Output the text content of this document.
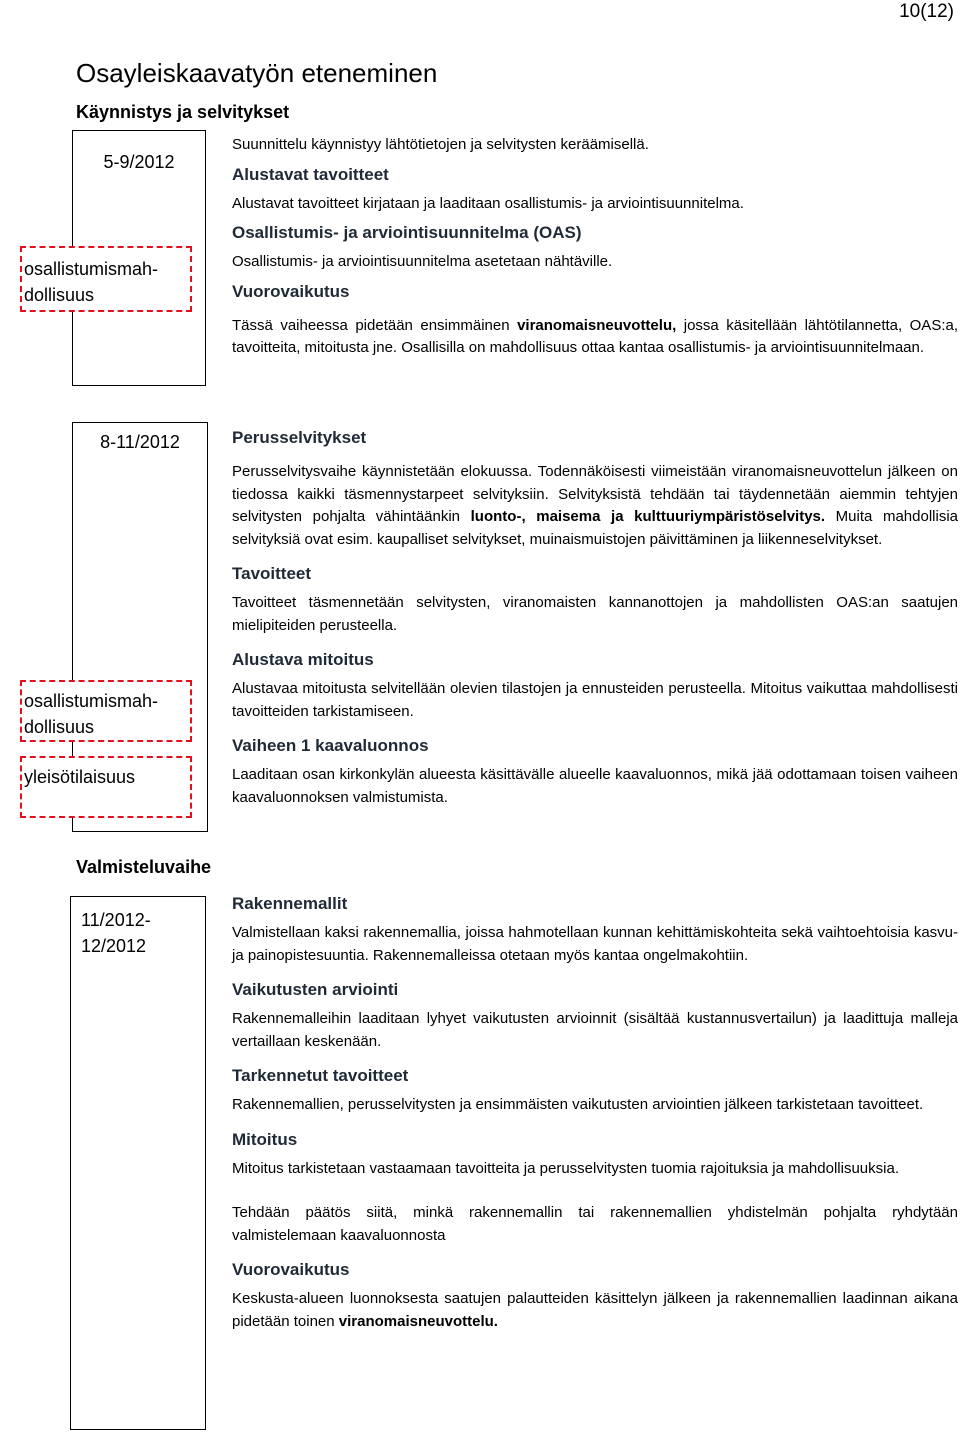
10(12)
Osayleiskaavatyön eteneminen
Käynnistys ja selvitykset
5-9/2012
osallistumismah-
dollisuus

Suunnittelu käynnistyy lähtötietojen ja selvitysten keräämisellä.

Alustavat tavoitteet

Alustavat tavoitteet kirjataan ja laaditaan osallistumis- ja arviointisuunnitelma.

Osallistumis- ja arviointisuunnitelma (OAS)

Osallistumis- ja arviointisuunnitelma asetetaan nähtäville.

Vuorovaikutus

Tässä vaiheessa pidetään ensimmäinen viranomaisneuvottelu, jossa käsitellään lähtötilannetta, OAS:a, tavoitteita, mitoitusta jne. Osallisilla on mahdollisuus ottaa kantaa osallistumis- ja arviointisuunnitelmaan.

8-11/2012
osallistumismah-
dollisuus
yleisötilaisuus
Perusselvitykset

Perusselvitysvaihe käynnistetään elokuussa. Todennäköisesti viimeistään viranomaisneuvottelun jälkeen on tiedossa kaikki täsmennystarpeet selvityksiin. Selvityksistä tehdään tai täydennetään aiemmin tehtyjen selvitysten pohjalta vähintäänkin luonto-, maisema ja kulttuuriympäristöselvitys. Muita mahdollisia selvityksiä ovat esim. kaupalliset selvitykset, muinaismuistojen päivittäminen ja liikenneselvitykset.

Tavoitteet

Tavoitteet täsmennetään selvitysten, viranomaisten kannanottojen ja mahdollisten OAS:an saatujen mielipiteiden perusteella.

Alustava mitoitus

Alustavaa mitoitusta selvitellään olevien tilastojen ja ennusteiden perusteella. Mitoitus vaikuttaa mahdollisesti tavoitteiden tarkistamiseen.

Vaiheen 1 kaavaluonnos

Laaditaan osan kirkonkylän alueesta käsittävälle alueelle kaavaluonnos, mikä jää odottamaan toisen vaiheen kaavaluonnoksen valmistumista.

Valmisteluvaihe
11/2012-
12/2012
Rakennemallit

Valmistellaan kaksi rakennemallia, joissa hahmotellaan kunnan kehittämiskohteita sekä vaihtoehtoisia kasvu- ja painopistesuuntia. Rakennemalleissa otetaan myös kantaa ongelmakohtiin.

Vaikutusten arviointi

Rakennemalleihin laaditaan lyhyet vaikutusten arvioinnit (sisältää kustannusvertailun) ja laadittuja malleja vertaillaan keskenään.

Tarkennetut tavoitteet

Rakennemallien, perusselvitysten ja ensimmäisten vaikutusten arviointien jälkeen tarkistetaan tavoitteet.

Mitoitus

Mitoitus tarkistetaan vastaamaan tavoitteita ja perusselvitysten tuomia rajoituksia ja mahdollisuuksia.

Tehdään päätös siitä, minkä rakennemallin tai rakennemallien yhdistelmän pohjalta ryhdytään valmistelemaan kaavaluonnosta

Vuorovaikutus

Keskusta-alueen luonnoksesta saatujen palautteiden käsittelyn jälkeen ja rakennemallien laadinnan aikana pidetään toinen viranomaisneuvottelu.
